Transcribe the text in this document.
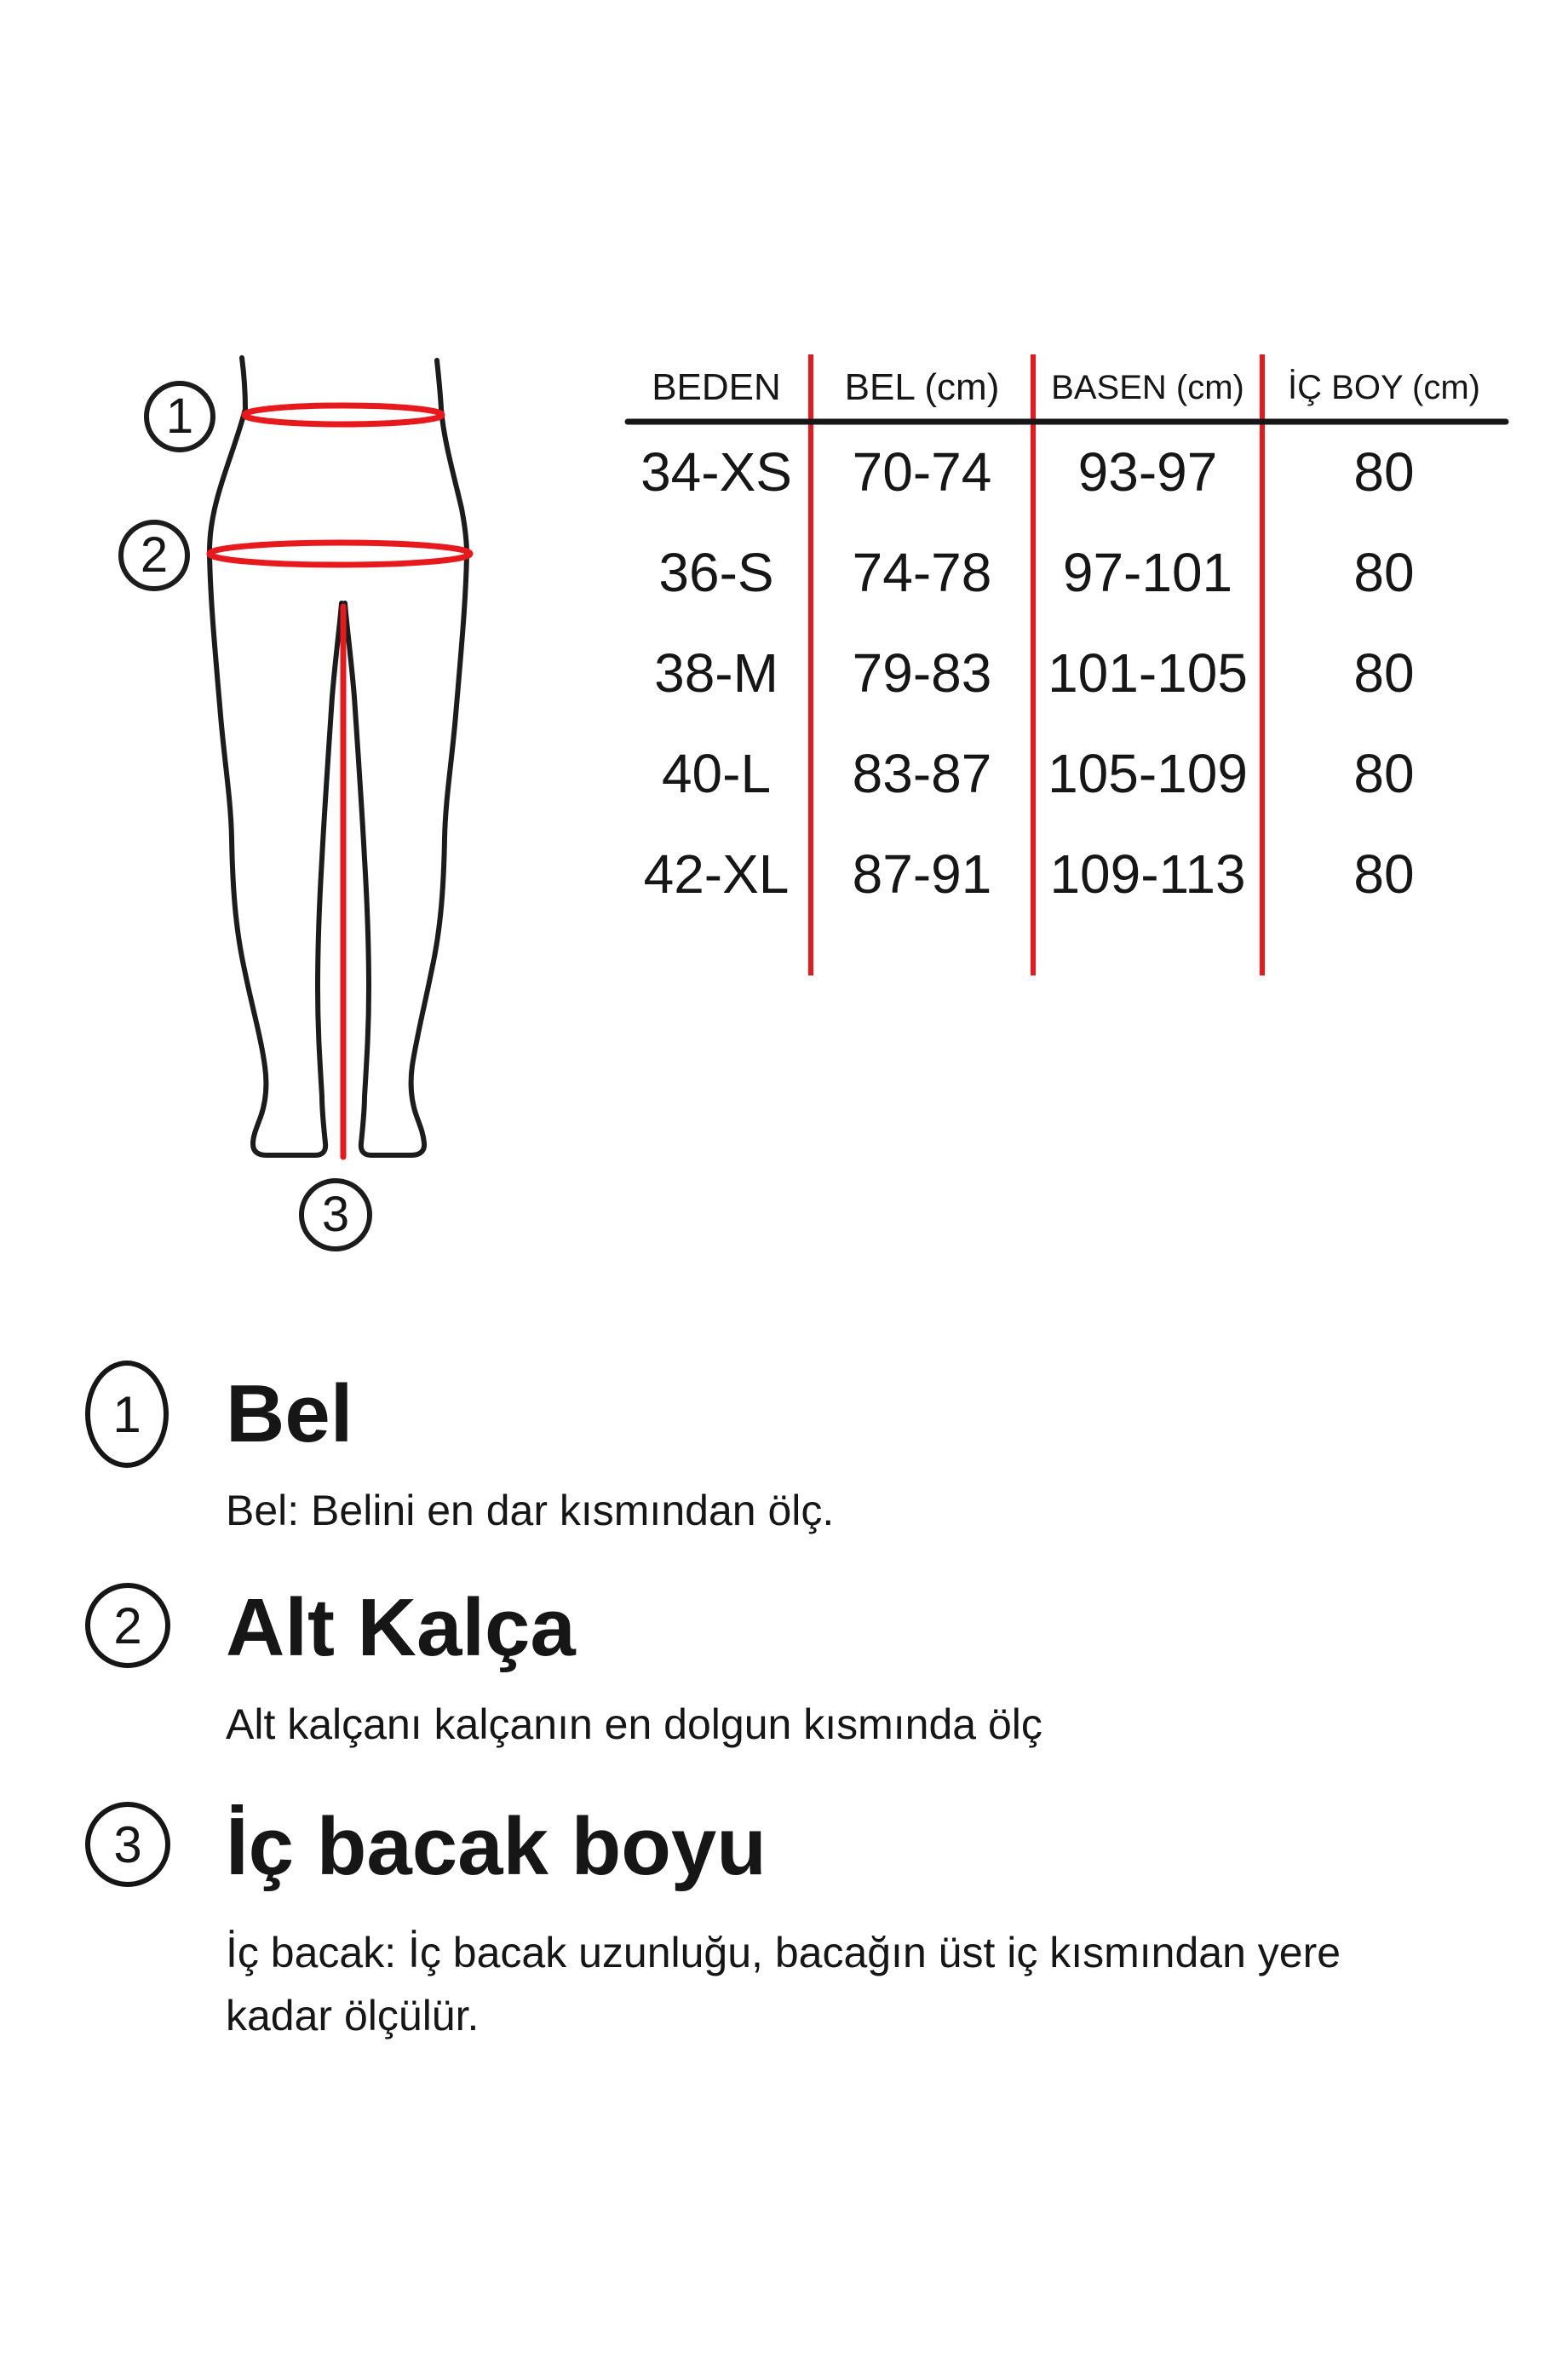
1
2
3
BEDEN	BEL (cm)	BASEN (cm)	İÇ BOY (cm)
34-XS	70-74	93-97	80
36-S	74-78	97-101	80
38-M	79-83	101-105	80
40-L	83-87	105-109	80
42-XL	87-91	109-113	80
1 Bel
Bel: Belini en dar kısmından ölç.
2 Alt Kalça
Alt kalçanı kalçanın en dolgun kısmında ölç
3 İç bacak boyu
İç bacak: İç bacak uzunluğu, bacağın üst iç kısmından yere
kadar ölçülür.
